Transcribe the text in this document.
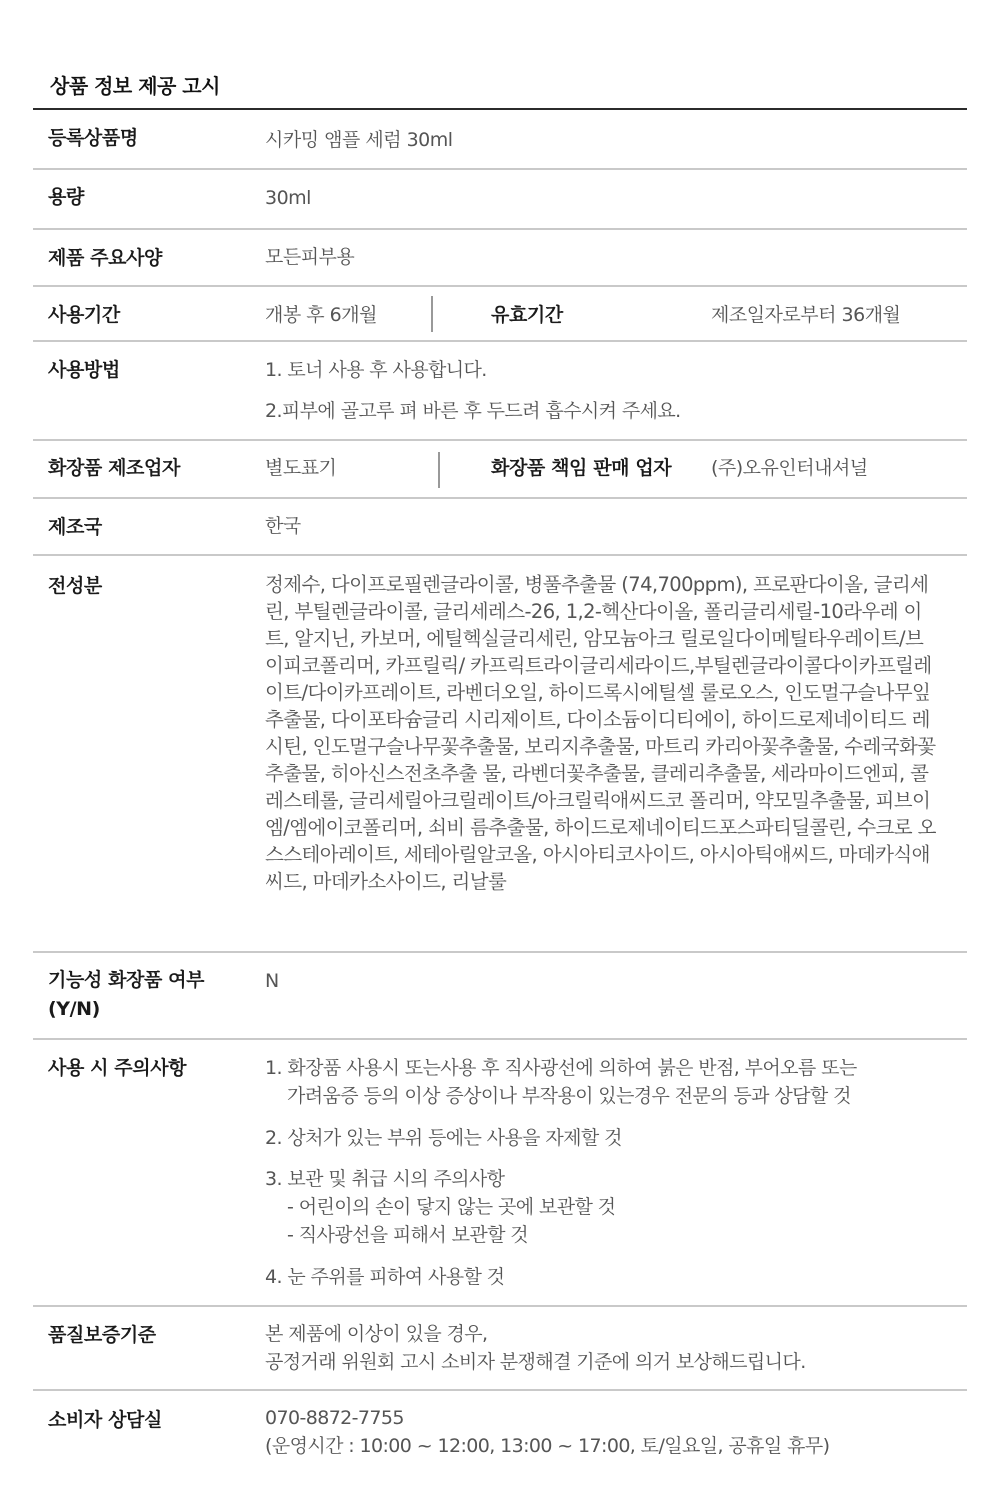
상품 정보 제공 고시
등록상품명	시카밍 앰플 세럼 30ml
용량	30ml
제품 주요사양	모든피부용
사용기간	개봉 후 6개월	유효기간	제조일자로부터 36개월
사용방법	1. 토너 사용 후 사용합니다.
2.피부에 골고루 펴 바른 후 두드려 흡수시켜 주세요.
화장품 제조업자	별도표기	화장품 책임 판매 업자 (주)오유인터내셔널
제조국	한국
전성분	정제수, 다이프로필렌글라이콜, 병풀추출물 (74,700ppm), 프로판다이올, 글리세린, 부틸렌글라이콜, 글리세레스-26, 1,2-헥산다이올, 폴리글리세릴-10라우레 이트, 알지닌, 카보머, 에틸헥실글리세린, 암모늄아크 릴로일다이메틸타우레이트/브이피코폴리머, 카프릴릭/ 카프릭트라이글리세라이드,부틸렌글라이콜다이카프릴레이트/다이카프레이트, 라벤더오일, 하이드록시에틸셀 룰로오스, 인도멀구슬나무잎추출물, 다이포타슘글리 시리제이트, 다이소듐이디티에이, 하이드로제네이티드 레시틴, 인도멀구슬나무꽃추출물, 보리지추출물, 마트리 카리아꽃추출물, 수레국화꽃추출물, 히아신스전초추출 물, 라벤더꽃추출물, 클레리추출물, 세라마이드엔피, 콜레스테롤, 글리세릴아크릴레이트/아크릴릭애씨드코 폴리머, 약모밀추출물, 피브이엠/엠에이코폴리머, 쇠비 름추출물, 하이드로제네이티드포스파티딜콜린, 수크로 오스스테아레이트, 세테아릴알코올, 아시아티코사이드, 아시아틱애씨드, 마데카식애씨드, 마데카소사이드, 리날룰
기능성 화장품 여부
(Y/N)
N
사용 시 주의사항	1. 화장품 사용시 또는사용 후 직사광선에 의하여 붉은 반점, 부어오름 또는
가려움증 등의 이상 증상이나 부작용이 있는경우 전문의 등과 상담할 것
2. 상처가 있는 부위 등에는 사용을 자제할 것
3. 보관 및 취급 시의 주의사항
- 어린이의 손이 닿지 않는 곳에 보관할 것
- 직사광선을 피해서 보관할 것
4. 눈 주위를 피하여 사용할 것
품질보증기준	본 제품에 이상이 있을 경우,
공정거래 위원회 고시 소비자 분쟁해결 기준에 의거 보상해드립니다.
소비자 상담실	070-8872-7755
(운영시간 : 10:00 ~ 12:00, 13:00 ~ 17:00, 토/일요일, 공휴일 휴무)
